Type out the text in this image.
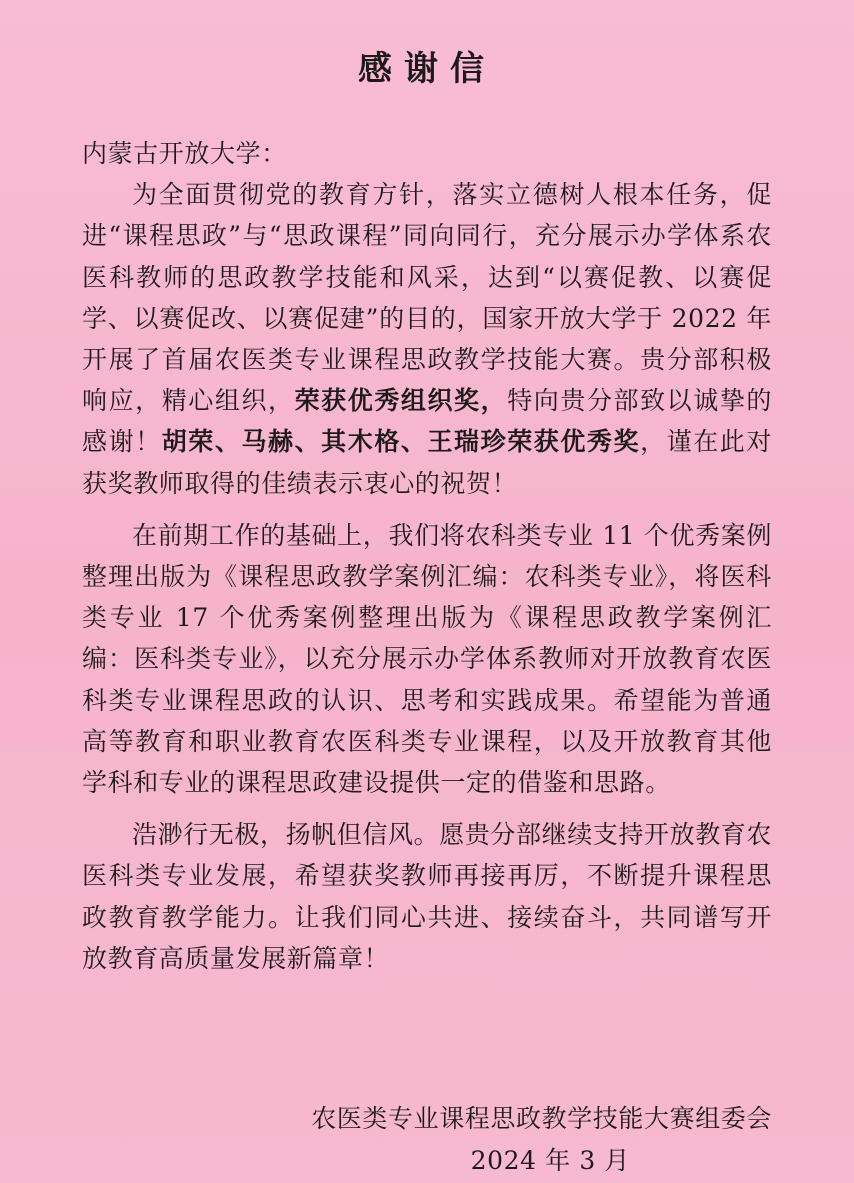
感谢信

内蒙古开放大学：

为全面贯彻党的教育方针，落实立德树人根本任务，促进“课程思政”与“思政课程”同向同行，充分展示办学体系农医科教师的思政教学技能和风采，达到“以赛促教、以赛促学、以赛促改、以赛促建”的目的，国家开放大学于 2022 年开展了首届农医类专业课程思政教学技能大赛。贵分部积极响应，精心组织，荣获优秀组织奖，特向贵分部致以诚挚的感谢！胡荣、马赫、其木格、王瑞珍荣获优秀奖，谨在此对获奖教师取得的佳绩表示衷心的祝贺！

在前期工作的基础上，我们将农科类专业 11 个优秀案例整理出版为《课程思政教学案例汇编：农科类专业》，将医科类专业 17 个优秀案例整理出版为《课程思政教学案例汇编：医科类专业》，以充分展示办学体系教师对开放教育农医科类专业课程思政的认识、思考和实践成果。希望能为普通高等教育和职业教育农医科类专业课程，以及开放教育其他学科和专业的课程思政建设提供一定的借鉴和思路。

浩渺行无极，扬帆但信风。愿贵分部继续支持开放教育农医科类专业发展，希望获奖教师再接再厉，不断提升课程思政教育教学能力。让我们同心共进、接续奋斗，共同谱写开放教育高质量发展新篇章！

农医类专业课程思政教学技能大赛组委会
2024 年 3 月
